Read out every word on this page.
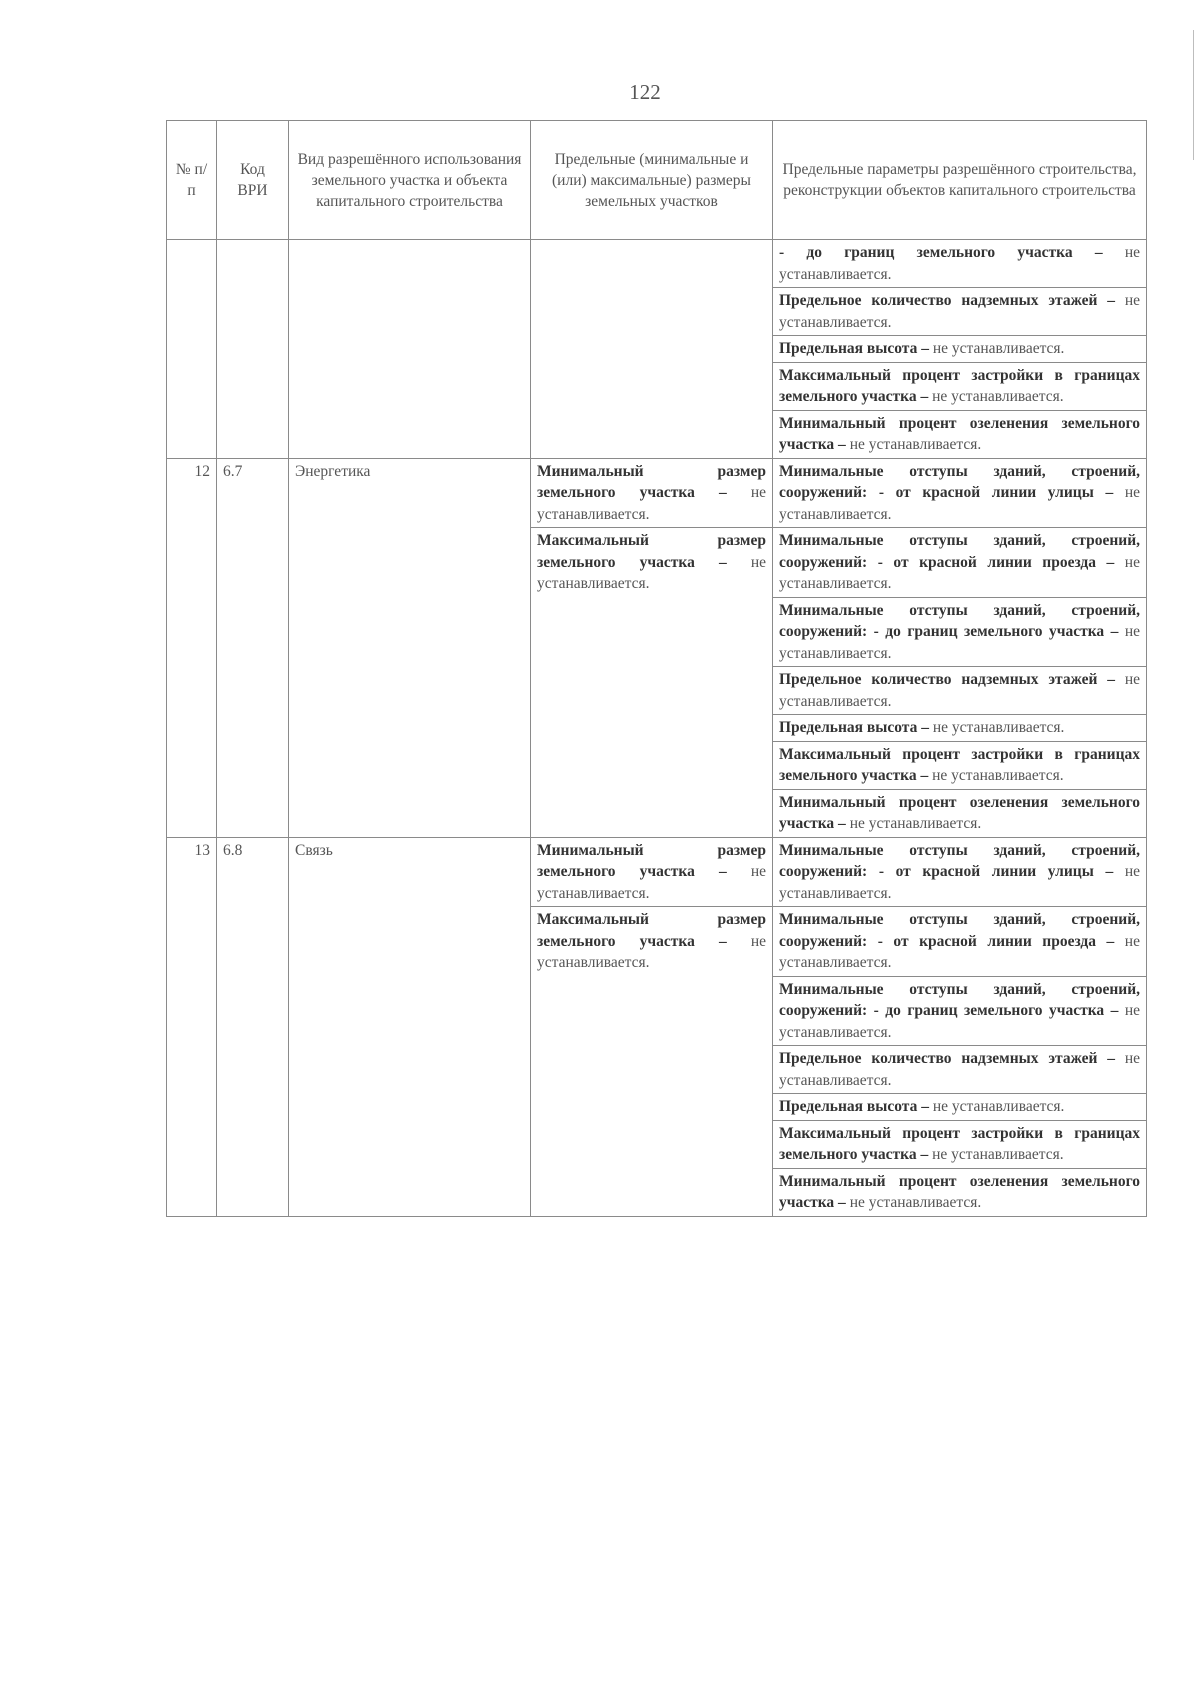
122
№ п/п	Код ВРИ	Вид разрешённого использования земельного участка и объекта капитального строительства	Предельные (минимальные и (или) максимальные) размеры земельных участков	Предельные параметры разрешённого строительства, реконструкции объектов капитального строительства
				- до границ земельного участка – не устанавливается.
				Предельное количество надземных этажей – не устанавливается.
				Предельная высота – не устанавливается.
				Максимальный процент застройки в границах земельного участка – не устанавливается.
				Минимальный процент озеленения земельного участка – не устанавливается.
12	6.7	Энергетика	Минимальный размер земельного участка – не устанавливается.	Минимальные отступы зданий, строений, сооружений: - от красной линии улицы – не устанавливается.
			Максимальный размер земельного участка – не устанавливается.	Минимальные отступы зданий, строений, сооружений: - от красной линии проезда – не устанавливается.
				Минимальные отступы зданий, строений, сооружений: - до границ земельного участка – не устанавливается.
				Предельное количество надземных этажей – не устанавливается.
				Предельная высота – не устанавливается.
				Максимальный процент застройки в границах земельного участка – не устанавливается.
				Минимальный процент озеленения земельного участка – не устанавливается.
13	6.8	Связь	Минимальный размер земельного участка – не устанавливается.	Минимальные отступы зданий, строений, сооружений: - от красной линии улицы – не устанавливается.
			Максимальный размер земельного участка – не устанавливается.	Минимальные отступы зданий, строений, сооружений: - от красной линии проезда – не устанавливается.
				Минимальные отступы зданий, строений, сооружений: - до границ земельного участка – не устанавливается.
				Предельное количество надземных этажей – не устанавливается.
				Предельная высота – не устанавливается.
				Максимальный процент застройки в границах земельного участка – не устанавливается.
				Минимальный процент озеленения земельного участка – не устанавливается.
